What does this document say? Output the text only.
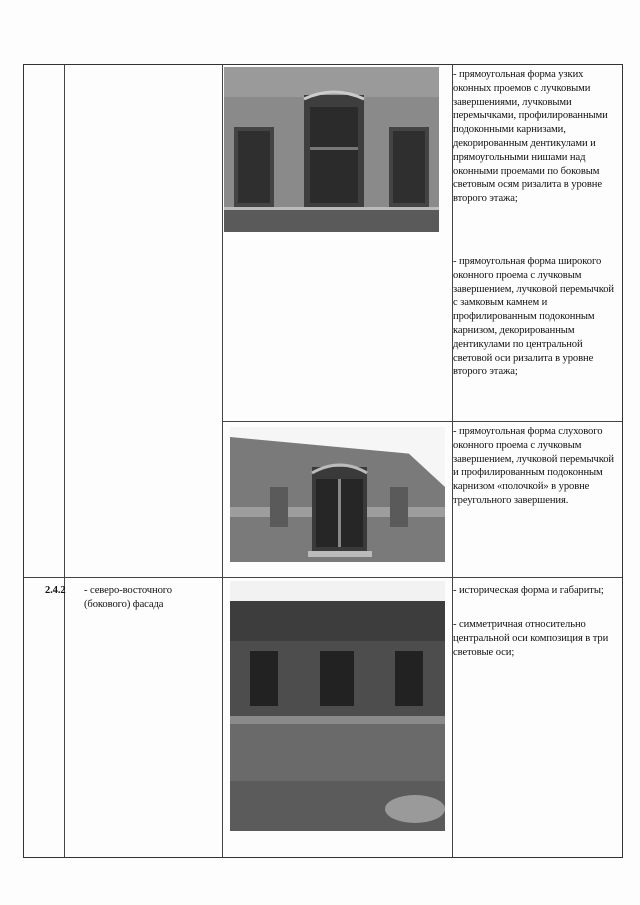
- прямоугольная форма узких оконных проемов с лучковыми завершениями, лучковыми перемычками, профилированными подоконными карнизами, декорированным дентикулами и прямоугольными нишами над оконными проемами по боковым световым осям ризалита в уровне второго этажа;
- прямоугольная форма широкого оконного проема с лучковым завершением, лучковой перемычкой с замковым камнем и профилированным подоконным карнизом, декорированным дентикулами по центральной световой оси ризалита в уровне второго этажа;
- прямоугольная форма слухового оконного проема с лучковым завершением, лучковой перемычкой и профилированным подоконным карнизом «полочкой» в уровне треугольного завершения.
2.4.2	- северо-восточного (бокового) фасада
- историческая форма и габариты;
- симметричная относительно центральной оси композиция в три световые оси;
